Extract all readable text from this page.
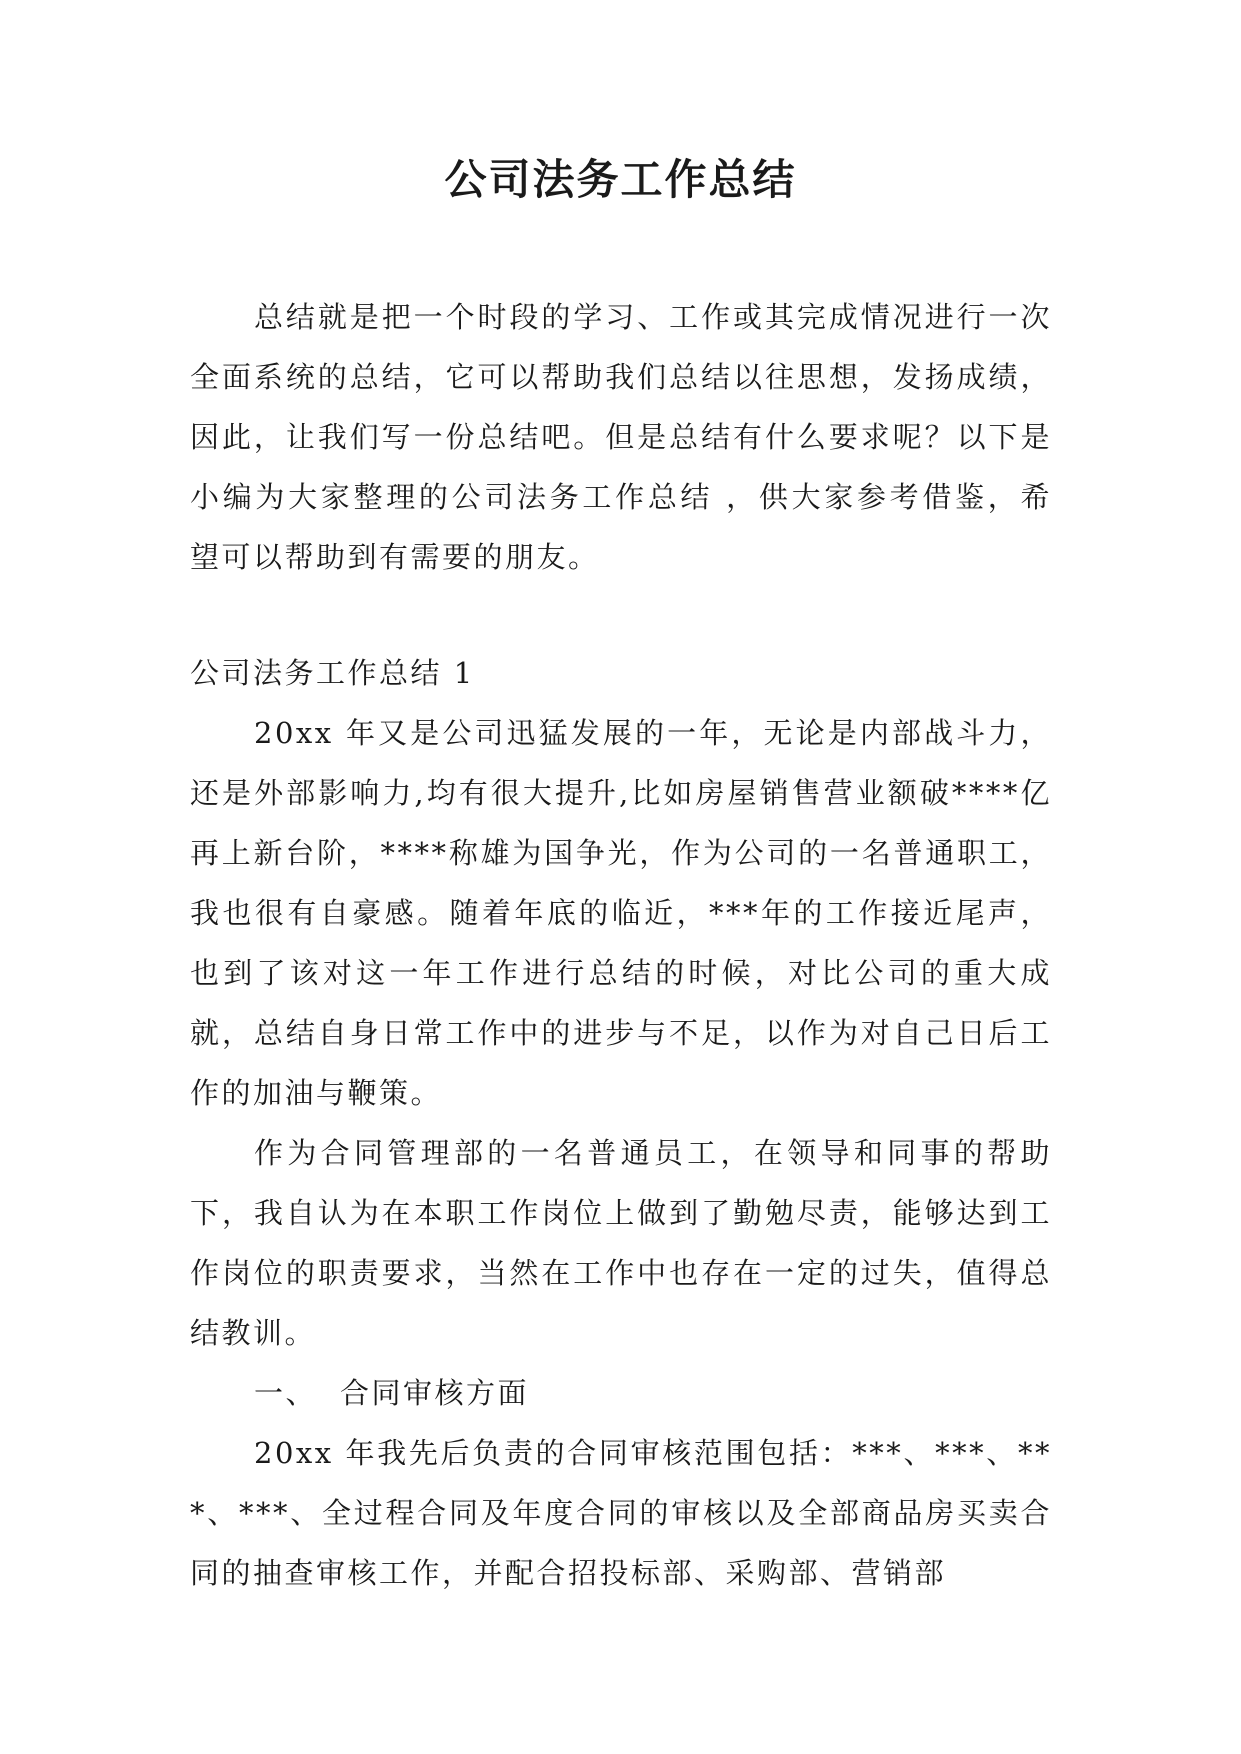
公司法务工作总结

总结就是把一个时段的学习、工作或其完成情况进行一次全面系统的总结，它可以帮助我们总结以往思想，发扬成绩，因此，让我们写一份总结吧。但是总结有什么要求呢？以下是小编为大家整理的公司法务工作总结 ，供大家参考借鉴，希望可以帮助到有需要的朋友。

公司法务工作总结 1

20xx 年又是公司迅猛发展的一年，无论是内部战斗力，还是外部影响力,均有很大提升,比如房屋销售营业额破****亿再上新台阶，****称雄为国争光，作为公司的一名普通职工，我也很有自豪感。随着年底的临近，***年的工作接近尾声，也到了该对这一年工作进行总结的时候，对比公司的重大成就，总结自身日常工作中的进步与不足，以作为对自己日后工作的加油与鞭策。

作为合同管理部的一名普通员工，在领导和同事的帮助下，我自认为在本职工作岗位上做到了勤勉尽责，能够达到工作岗位的职责要求，当然在工作中也存在一定的过失，值得总结教训。

一、 合同审核方面

20xx 年我先后负责的合同审核范围包括：***、***、***、***、全过程合同及年度合同的审核以及全部商品房买卖合同的抽查审核工作，并配合招投标部、采购部、营销部
